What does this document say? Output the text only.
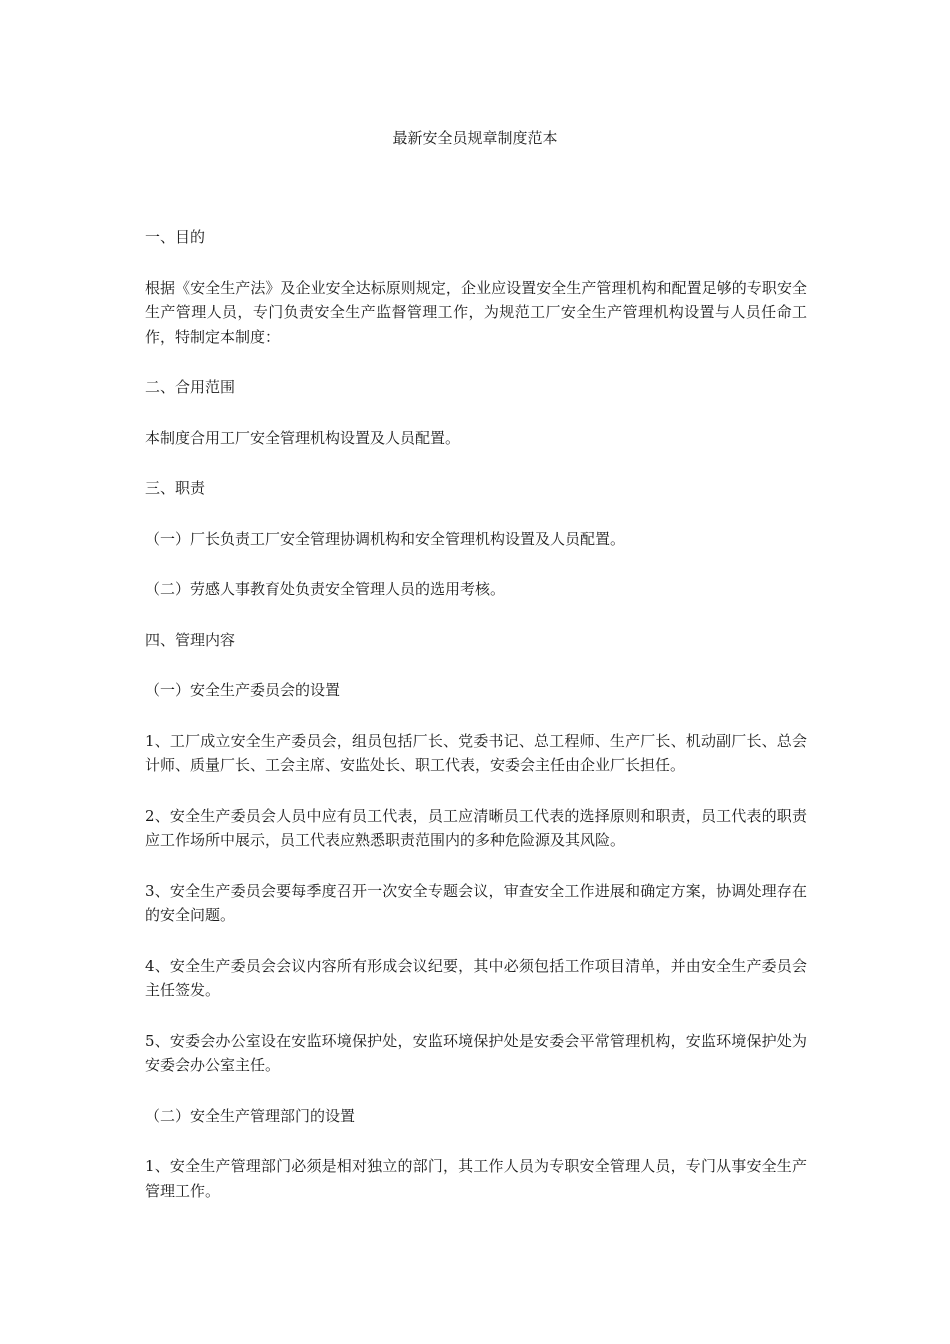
最新安全员规章制度范本

一、目的

根据《安全生产法》及企业安全达标原则规定，企业应设置安全生产管理机构和配置足够的专职安全生产管理人员，专门负责安全生产监督管理工作，为规范工厂安全生产管理机构设置与人员任命工作，特制定本制度：

二、合用范围

本制度合用工厂安全管理机构设置及人员配置。

三、职责

（一）厂长负责工厂安全管理协调机构和安全管理机构设置及人员配置。

（二）劳感人事教育处负责安全管理人员的选用考核。

四、管理内容

（一）安全生产委员会的设置

1、工厂成立安全生产委员会，组员包括厂长、党委书记、总工程师、生产厂长、机动副厂长、总会计师、质量厂长、工会主席、安监处长、职工代表，安委会主任由企业厂长担任。

2、安全生产委员会人员中应有员工代表，员工应清晰员工代表的选择原则和职责，员工代表的职责应工作场所中展示，员工代表应熟悉职责范围内的多种危险源及其风险。

3、安全生产委员会要每季度召开一次安全专题会议，审查安全工作进展和确定方案，协调处理存在的安全问题。

4、安全生产委员会会议内容所有形成会议纪要，其中必须包括工作项目清单，并由安全生产委员会主任签发。

5、安委会办公室设在安监环境保护处，安监环境保护处是安委会平常管理机构，安监环境保护处为安委会办公室主任。

（二）安全生产管理部门的设置

1、安全生产管理部门必须是相对独立的部门，其工作人员为专职安全管理人员，专门从事安全生产管理工作。
